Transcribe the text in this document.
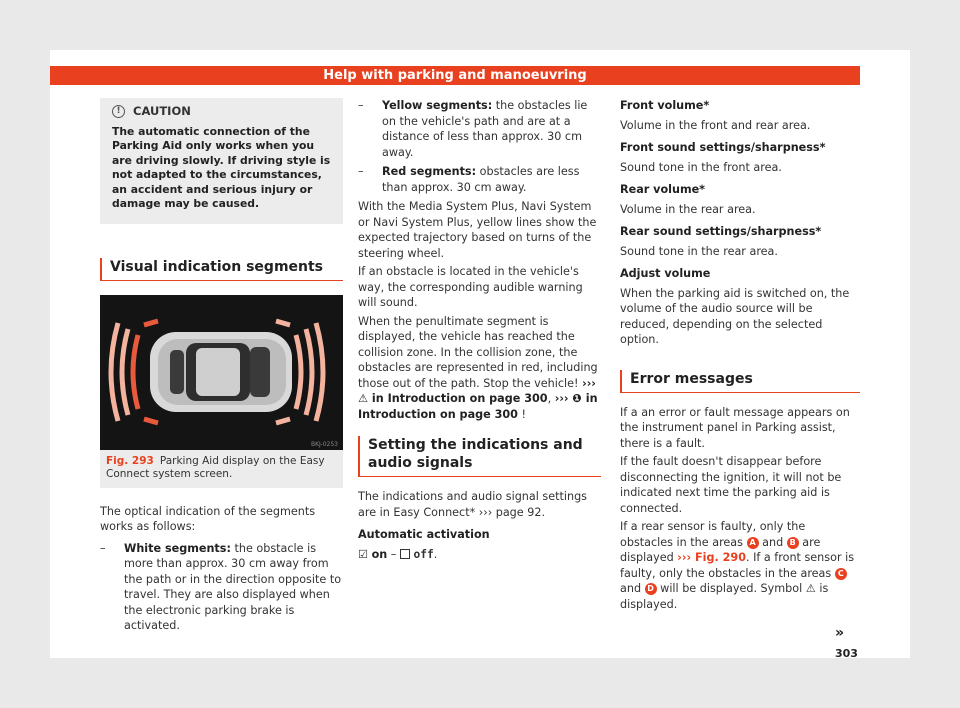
Help with parking and manoeuvring
!	CAUTION
The automatic connection of the Parking Aid only works when you are driving slowly. If driving style is not adapted to the circumstances, an accident and serious injury or damage may be caused.
Visual indication segments
BKJ-0253
Fig. 293 Parking Aid display on the Easy Connect system screen.

The optical indication of the segments works as follows:

–	White segments: the obstacle is more than approx. 30 cm away from the path or in the direction opposite to travel. They are also displayed when the electronic parking brake is activated.
–	Yellow segments: the obstacles lie on the vehicle's path and are at a distance of less than approx. 30 cm away.
–	Red segments: obstacles are less than approx. 30 cm away.

With the Media System Plus, Navi System or Navi System Plus, yellow lines show the expected trajectory based on turns of the steering wheel.

If an obstacle is located in the vehicle's way, the corresponding audible warning will sound.

When the penultimate segment is displayed, the vehicle has reached the collision zone. In the collision zone, the obstacles are represented in red, including those out of the path. Stop the vehicle! ››› ⚠ in Introduction on page 300, ››› ❶ in Introduction on page 300 !

Setting the indications and audio signals

The indications and audio signal settings are in Easy Connect* ››› page 92.

Automatic activation
☑ on –  off.
Front volume*

Volume in the front and rear area.

Front sound settings/sharpness*

Sound tone in the front area.

Rear volume*

Volume in the rear area.

Rear sound settings/sharpness*

Sound tone in the rear area.

Adjust volume

When the parking aid is switched on, the volume of the audio source will be reduced, depending on the selected option.

Error messages

If a an error or fault message appears on the instrument panel in Parking assist, there is a fault.

If the fault doesn't disappear before disconnecting the ignition, it will not be indicated next time the parking aid is connected.

If a rear sensor is faulty, only the obstacles in the areas A and B are displayed ››› Fig. 290. If a front sensor is faulty, only the obstacles in the areas C and D will be displayed. Symbol ⚠ is displayed.

»
303
